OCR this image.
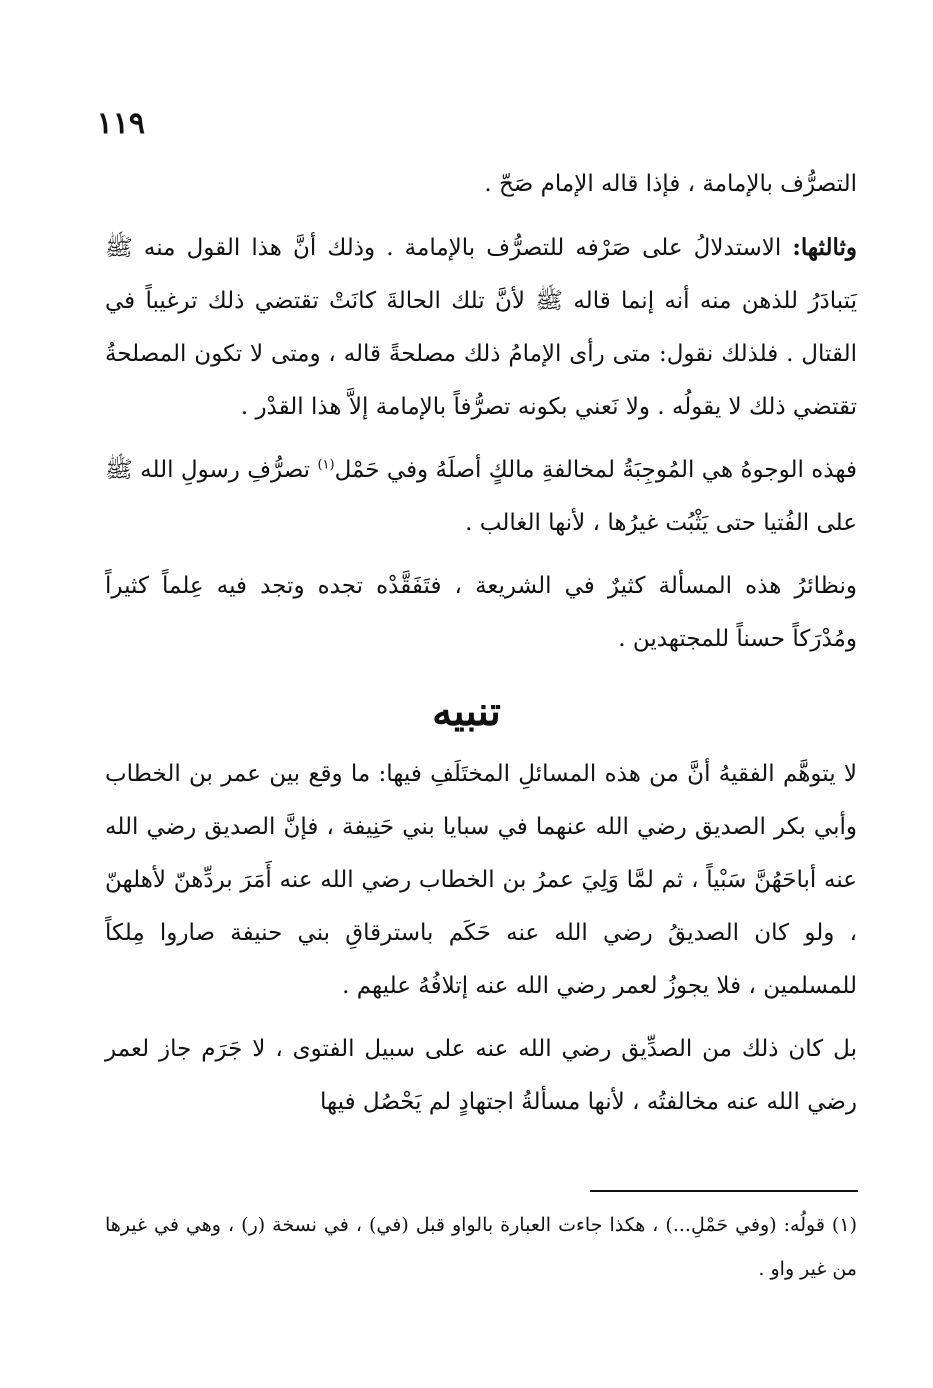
١١٩

التصرُّف بالإمامة ، فإذا قاله الإمام صَحّ .

وثالثها: الاستدلالُ على صَرْفه للتصرُّف بالإمامة . وذلك أنَّ هذا القول منه ﷺ يَتبادَرُ للذهن منه أنه إنما قاله ﷺ لأنَّ تلك الحالةَ كانَتْ تقتضي ذلك ترغيباً في القتال . فلذلك نقول: متى رأى الإمامُ ذلك مصلحةً قاله ، ومتى لا تكون المصلحةُ تقتضي ذلك لا يقولُه . ولا نَعني بكونه تصرُّفاً بالإمامة إلاَّ هذا القدْر .

فهذه الوجوهُ هي المُوجِبَةُ لمخالفةِ مالكٍ أصلَهُ وفي حَمْل$^{(١)}$ تصرُّفِ رسولِ الله ﷺ على الفُتيا حتى يَثْبُت غيرُها ، لأنها الغالب .

ونظائرُ هذه المسألة كثيرٌ في الشريعة ، فتَفَقَّدْه تجده وتجد فيه عِلماً كثيراً ومُدْرَكاً حسناً للمجتهدين .

تنبيه

لا يتوهَّم الفقيهُ أنَّ من هذه المسائلِ المختَلَفِ فيها: ما وقع بين عمر بن الخطاب وأبي بكر الصديق رضي الله عنهما في سبايا بني حَنِيفة ، فإنَّ الصديق رضي الله عنه أباحَهُنَّ سَبْياً ، ثم لمَّا وَلِيَ عمرُ بن الخطاب رضي الله عنه أَمَرَ بردِّهنّ لأهلهنّ ، ولو كان الصديقُ رضي الله عنه حَكَم باسترقاقِ بني حنيفة صاروا مِلكاً للمسلمين ، فلا يجوزُ لعمر رضي الله عنه إتلافُهُ عليهم .

بل كان ذلك من الصدِّيق رضي الله عنه على سبيل الفتوى ، لا جَرَم جاز لعمر رضي الله عنه مخالفتُه ، لأنها مسألةُ اجتهادٍ لم يَحْصُل فيها

(١) قولُه: (وفي حَمْلِ...) ، هكذا جاءت العبارة بالواو قبل (في) ، في نسخة (ر) ، وهي في غيرها من غير واو .
